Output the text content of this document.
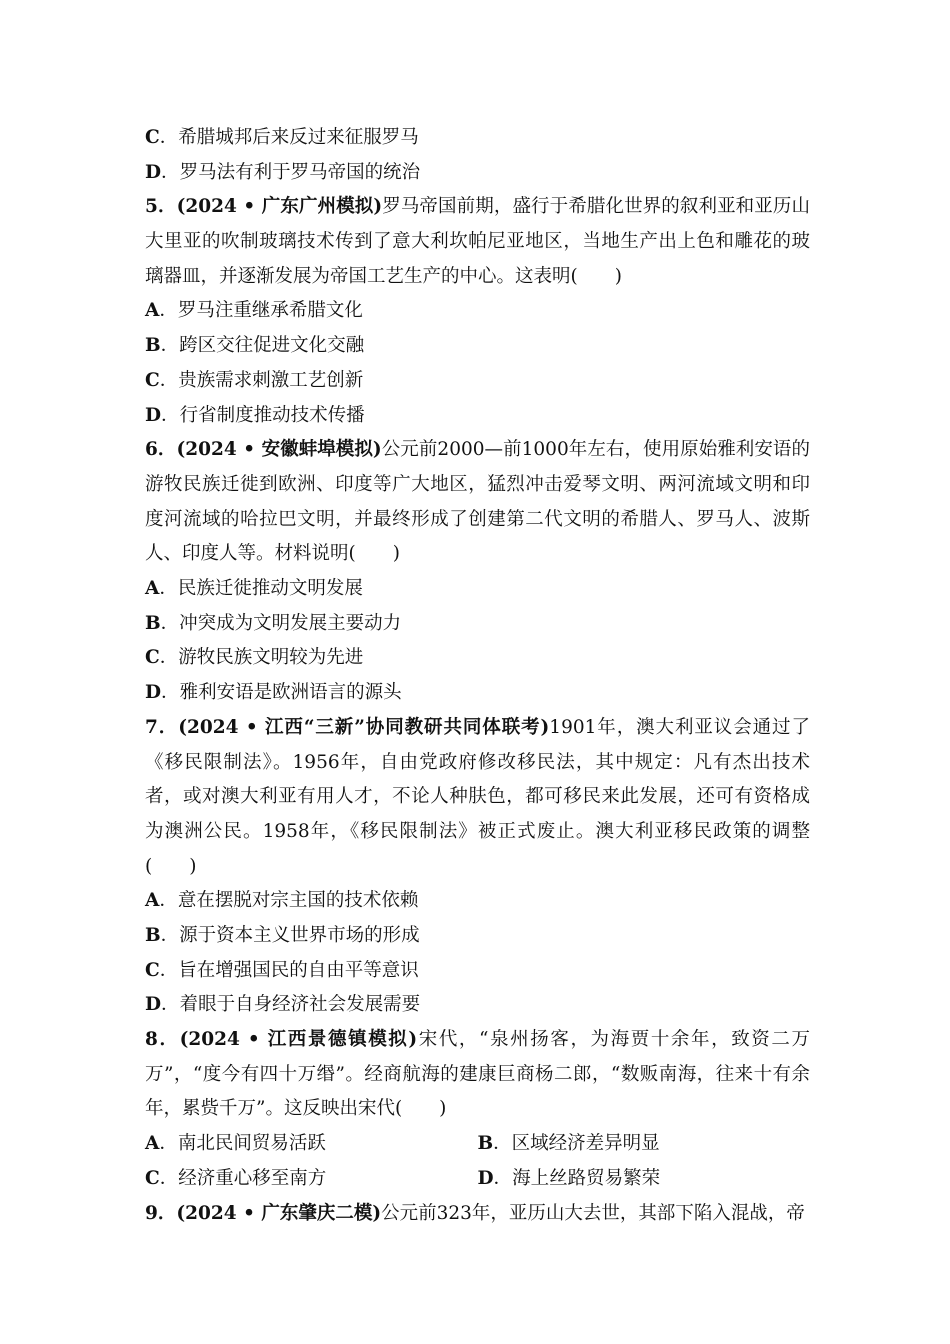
C．希腊城邦后来反过来征服罗马
D．罗马法有利于罗马帝国的统治
5．(2024 • 广东广州模拟)罗马帝国前期，盛行于希腊化世界的叙利亚和亚历山大里亚的吹制玻璃技术传到了意大利坎帕尼亚地区，当地生产出上色和雕花的玻璃器皿，并逐渐发展为帝国工艺生产的中心。这表明(　　)
A．罗马注重继承希腊文化
B．跨区交往促进文化交融
C．贵族需求刺激工艺创新
D．行省制度推动技术传播
6．(2024 • 安徽蚌埠模拟)公元前2000—前1000年左右，使用原始雅利安语的游牧民族迁徙到欧洲、印度等广大地区，猛烈冲击爱琴文明、两河流域文明和印度河流域的哈拉巴文明，并最终形成了创建第二代文明的希腊人、罗马人、波斯人、印度人等。材料说明(　　)
A．民族迁徙推动文明发展
B．冲突成为文明发展主要动力
C．游牧民族文明较为先进
D．雅利安语是欧洲语言的源头
7．(2024 • 江西“三新”协同教研共同体联考)1901年，澳大利亚议会通过了《移民限制法》。1956年，自由党政府修改移民法，其中规定：凡有杰出技术者，或对澳大利亚有用人才，不论人种肤色，都可移民来此发展，还可有资格成为澳洲公民。1958年，《移民限制法》被正式废止。澳大利亚移民政策的调整(　　)
A．意在摆脱对宗主国的技术依赖
B．源于资本主义世界市场的形成
C．旨在增强国民的自由平等意识
D．着眼于自身经济社会发展需要
8．(2024 • 江西景德镇模拟)宋代，“泉州扬客，为海贾十余年，致资二万万”，“度今有四十万缗”。经商航海的建康巨商杨二郎，“数贩南海，往来十有余年，累赀千万”。这反映出宋代(　　)
A．南北民间贸易活跃	B．区域经济差异明显
C．经济重心移至南方	D．海上丝路贸易繁荣
9．(2024 • 广东肇庆二模)公元前323年，亚历山大去世，其部下陷入混战，帝
